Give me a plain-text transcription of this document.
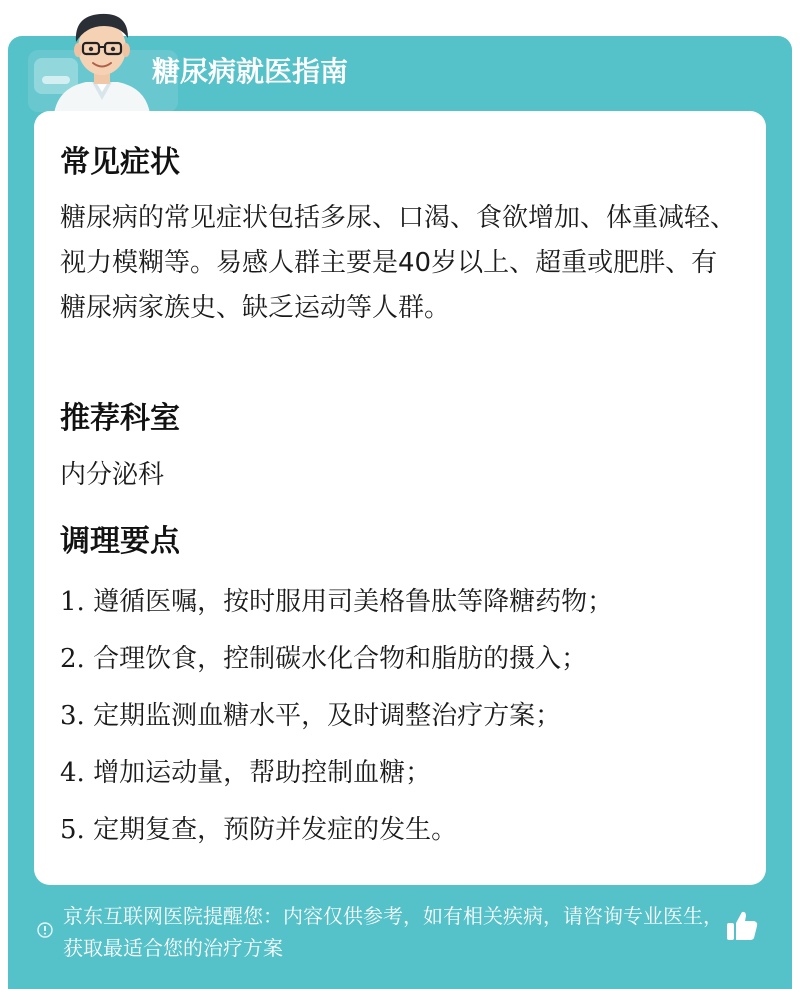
糖尿病就医指南
常见症状
糖尿病的常见症状包括多尿、口渴、食欲增加、体重减轻、视力模糊等。易感人群主要是40岁以上、超重或肥胖、有糖尿病家族史、缺乏运动等人群。
推荐科室
内分泌科
调理要点
1. 遵循医嘱，按时服用司美格鲁肽等降糖药物；
2. 合理饮食，控制碳水化合物和脂肪的摄入；
3. 定期监测血糖水平，及时调整治疗方案；
4. 增加运动量，帮助控制血糖；
5. 定期复查，预防并发症的发生。
京东互联网医院提醒您：内容仅供参考，如有相关疾病，请咨询专业医生，获取最适合您的治疗方案
